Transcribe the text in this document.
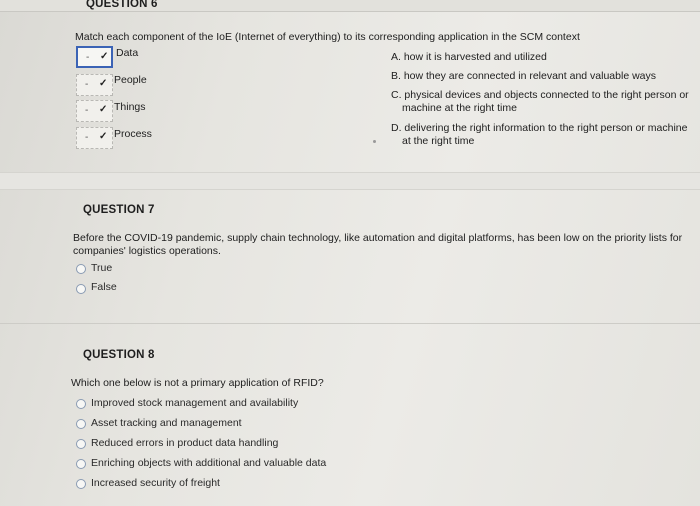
QUESTION 6
Match each component of the IoE (Internet of everything) to its corresponding application in the SCM context
- ✓ Data
- ✓ People
- ✓ Things
- ✓ Process
A. how it is harvested and utilized
B. how they are connected in relevant and valuable ways
C. physical devices and objects connected to the right person or
machine at the right time
D. delivering the right information to the right person or machine
at the right time
QUESTION 7
Before the COVID-19 pandemic, supply chain technology, like automation and digital platforms, has been low on the priority lists for
companies' logistics operations.
True
False
QUESTION 8
Which one below is not a primary application of RFID?
Improved stock management and availability
Asset tracking and management
Reduced errors in product data handling
Enriching objects with additional and valuable data
Increased security of freight
